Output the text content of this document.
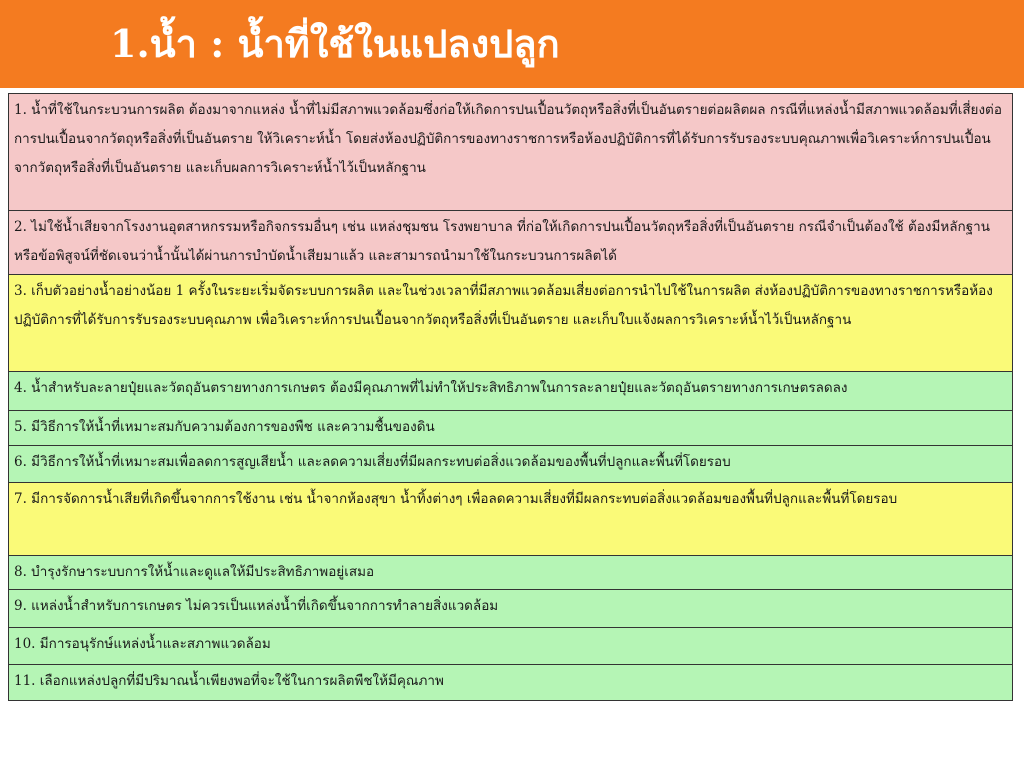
1.น้ำ : น้ำที่ใช้ในแปลงปลูก
1. น้ำที่ใช้ในกระบวนการผลิต ต้องมาจากแหล่ง น้ำที่ไม่มีสภาพแวดล้อมซึ่งก่อให้เกิดการปนเปื้อนวัตถุหรือสิ่งที่เป็นอันตรายต่อผลิตผล กรณีที่แหล่งน้ำมีสภาพแวดล้อมที่เสี่ยงต่อการปนเปื้อนจากวัตถุหรือสิ่งที่เป็นอันตราย ให้วิเคราะห์น้ำ โดยส่งห้องปฏิบัติการของทางราชการหรือห้องปฏิบัติการที่ได้รับการรับรองระบบคุณภาพเพื่อวิเคราะห์การปนเปื้อนจากวัตถุหรือสิ่งที่เป็นอันตราย และเก็บผลการวิเคราะห์น้ำไว้เป็นหลักฐาน
2. ไม่ใช้น้ำเสียจากโรงงานอุตสาหกรรมหรือกิจกรรมอื่นๆ เช่น แหล่งชุมชน โรงพยาบาล ที่ก่อให้เกิดการปนเปื้อนวัตถุหรือสิ่งที่เป็นอันตราย กรณีจำเป็นต้องใช้ ต้องมีหลักฐานหรือข้อพิสูจน์ที่ชัดเจนว่าน้ำนั้นได้ผ่านการบำบัดน้ำเสียมาแล้ว และสามารถนำมาใช้ในกระบวนการผลิตได้
3. เก็บตัวอย่างน้ำอย่างน้อย 1 ครั้งในระยะเริ่มจัดระบบการผลิต และในช่วงเวลาที่มีสภาพแวดล้อมเสี่ยงต่อการนำไปใช้ในการผลิต ส่งห้องปฏิบัติการของทางราชการหรือห้องปฏิบัติการที่ได้รับการรับรองระบบคุณภาพ เพื่อวิเคราะห์การปนเปื้อนจากวัตถุหรือสิ่งที่เป็นอันตราย และเก็บใบแจ้งผลการวิเคราะห์น้ำไว้เป็นหลักฐาน
4. น้ำสำหรับละลายปุ๋ยและวัตถุอันตรายทางการเกษตร ต้องมีคุณภาพที่ไม่ทำให้ประสิทธิภาพในการละลายปุ๋ยและวัตถุอันตรายทางการเกษตรลดลง
5. มีวิธีการให้น้ำที่เหมาะสมกับความต้องการของพืช และความชื้นของดิน
6. มีวิธีการให้น้ำที่เหมาะสมเพื่อลดการสูญเสียน้ำ และลดความเสี่ยงที่มีผลกระทบต่อสิ่งแวดล้อมของพื้นที่ปลูกและพื้นที่โดยรอบ
7. มีการจัดการน้ำเสียที่เกิดขึ้นจากการใช้งาน เช่น น้ำจากห้องสุขา น้ำทิ้งต่างๆ เพื่อลดความเสี่ยงที่มีผลกระทบต่อสิ่งแวดล้อมของพื้นที่ปลูกและพื้นที่โดยรอบ
8. บำรุงรักษาระบบการให้น้ำและดูแลให้มีประสิทธิภาพอยู่เสมอ
9. แหล่งน้ำสำหรับการเกษตร ไม่ควรเป็นแหล่งน้ำที่เกิดขึ้นจากการทำลายสิ่งแวดล้อม
10. มีการอนุรักษ์แหล่งน้ำและสภาพแวดล้อม
11. เลือกแหล่งปลูกที่มีปริมาณน้ำเพียงพอที่จะใช้ในการผลิตพืชให้มีคุณภาพ
